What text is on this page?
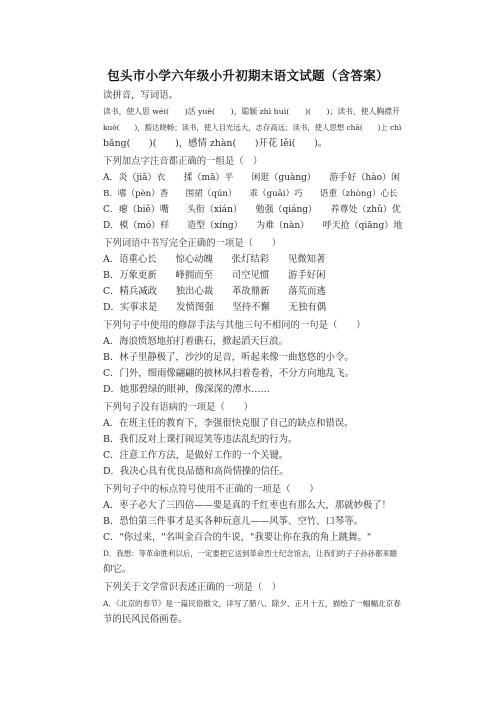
包头市小学六年级小升初期末语文试题（含答案）
读拼音，写词语。
读书，使人思 wéi(　　)活 yuè(　　)，聪颖 zhì huì(　　)(　　)；读书，使人胸襟开
kuò(　　)，豁达晓畅；读书，使人目光远大，志存高远；读书，使人思想 chā(　　)上 chì
bǎng(　　)(　　)，感情 zhàn(　　)开花 lěi(　　)。
下列加点字注音都正确的一组是（　）
A．炎（jiǎ）衣　　揉（mā）平　　闲逛（guàng）　　游手好（hào）闲
B．嗜（pèn）香　　围裙（qún）　　乖（guāi）巧　　语重（zhòng）心长
C．瘪（biě）嘴　　头衔（xián）　　勉强（qiáng）　　养尊处（zhǔ）优
D．模（mó）样　　造型（xíng）　　为难（nàn）　　呼天抢（qiāng）地
下列词语中书写完全正确的一项是（　　）
A．语重心长　　惊心动魄　　张灯结彩　　见微知著
B．万象更新　　峰拥而至　　司空见惯　　游手好闲
C．精兵减政　　独出心裁　　革故鼎新　　落荒而逃
D．实事求是　　发愤图强　　坚持不懈　　无独有偶
下列句子中使用的修辞手法与其他三句不相同的一句是（　　）
A．海浪愤怒地拍打着礁石，掀起滔天巨浪。
B．林子里静极了，沙沙的足音，听起来像一曲悠悠的小令。
C．门外，细雨像翩翩的披林风扫着卷着，不分方向地乱飞。
D．她那碧绿的眼神，像深深的潭水……
下列句子没有语病的一项是（　　）
A．在班主任的教育下，李强很快克服了自己的缺点和错误。
B．我们反对上课打闹逗笑等违法乱纪的行为。
C．注意工作方法，是做好工作的一个关键。
D．我决心具有优良品德和高尚情操的信任。
下列句子中的标点符号使用不正确的一项是（　　）
A．枣子必大了三四倍——要是真的千红枣也有那么大，那就妙极了！
B．恐怕第三件事才是买各种玩意儿——风筝、空竹、口琴等。
C．"你过来，"名叫金百合的牛说，"我要让你在我的角上跳舞。"
D．我想：等革命胜利以后，一定要把它送到革命烈士纪念馆去，让我们的子子孙孙都来瞻
仰它。
下列关于文学常识表述正确的一项是（　）
A．《北京的春节》是一篇民俗散文，详写了腊八、除夕、正月十五，描绘了一幅幅北京春
节的民风民俗画卷。
